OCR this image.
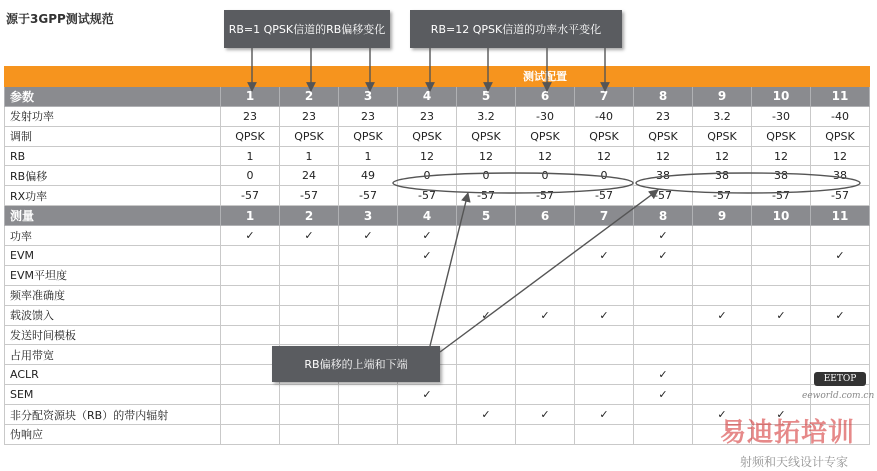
源于3GPP测试规范
	测试配置										
参数	1	2	3	4	5	6	7	8	9	10	11
发射功率	23	23	23	23	3.2	-30	-40	23	3.2	-30	-40
调制	QPSK	QPSK	QPSK	QPSK	QPSK	QPSK	QPSK	QPSK	QPSK	QPSK	QPSK
RB	1	1	1	12	12	12	12	12	12	12	12
RB偏移	0	24	49	0	0	0	0	38	38	38	38
RX功率	-57	-57	-57	-57	-57	-57	-57	-57	-57	-57	-57
测量	1	2	3	4	5	6	7	8	9	10	11
功率	✓	✓	✓	✓				✓			
EVM				✓			✓	✓			✓
EVM平坦度											
频率准确度											
载波馈入					✓	✓	✓		✓	✓	✓
发送时间模板											
占用带宽											
ACLR								✓			
SEM				✓				✓			
非分配资源块（RB）的带内辐射					✓	✓	✓		✓	✓	
伪响应											
RB=1 QPSK信道的RB偏移变化	RB=12 QPSK信道的功率水平变化
RB偏移的上端和下端
EETOP
eeworld.com.cn
易迪拓培训
射频和天线设计专家
